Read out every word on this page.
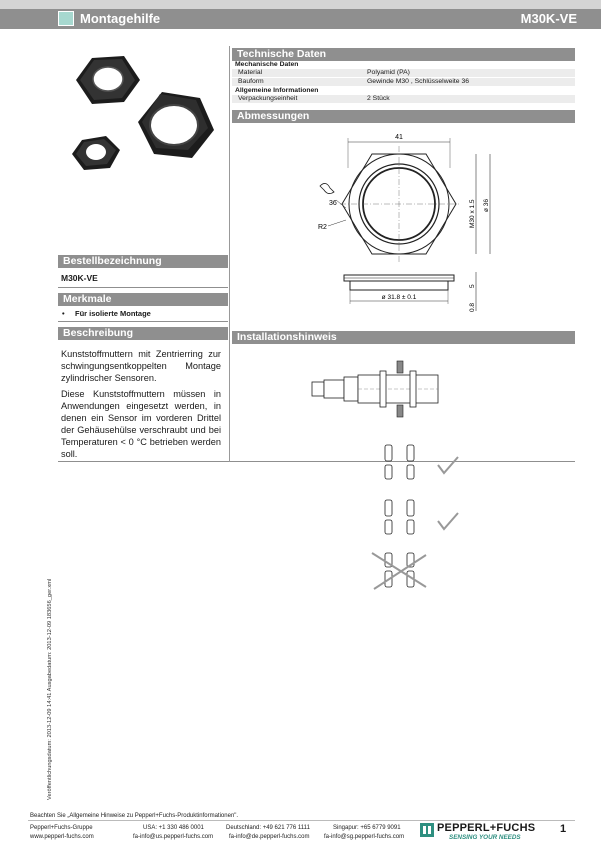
Montagehilfe	M30K-VE
Technische Daten
Mechanische Daten	
Material	Polyamid (PA)
Bauform	Gewinde M30 , Schlüsselweite 36
Allgemeine Informationen	
Verpackungseinheit	2 Stück
Abmessungen
41
36
R2	M30 x 1.5 ø 36
ø 31.8 ± 0.1
5
0.8
Bestellbezeichnung
M30K-VE
Merkmale
• Für isolierte Montage
Beschreibung

Kunststoffmuttern mit Zentrierring zur schwingungsentkoppelten Montage zylindrischer Sensoren.

Diese Kunststoffmuttern müssen in Anwendungen eingesetzt werden, in denen ein Sensor im vorderen Drittel der Gehäusehülse verschraubt und bei Temperaturen < 0 °C betrieben werden soll.

Installationshinweis
Veröffentlichungsdatum: 2013-12-09 14:41 Ausgabedatum: 2013-12-09 183656_ger.xml
Beachten Sie „Allgemeine Hinweise zu Pepperl+Fuchs-Produktinformationen".
Pepperl+Fuchs-Gruppe
www.pepperl-fuchs.com
USA: +1 330 486 0001
fa-info@us.pepperl-fuchs.com
Deutschland: +49 621 776 1111
fa-info@de.pepperl-fuchs.com
Singapur: +65 6779 9091
fa-info@sg.pepperl-fuchs.com
PEPPERL+FUCHS
SENSING YOUR NEEDS
1
